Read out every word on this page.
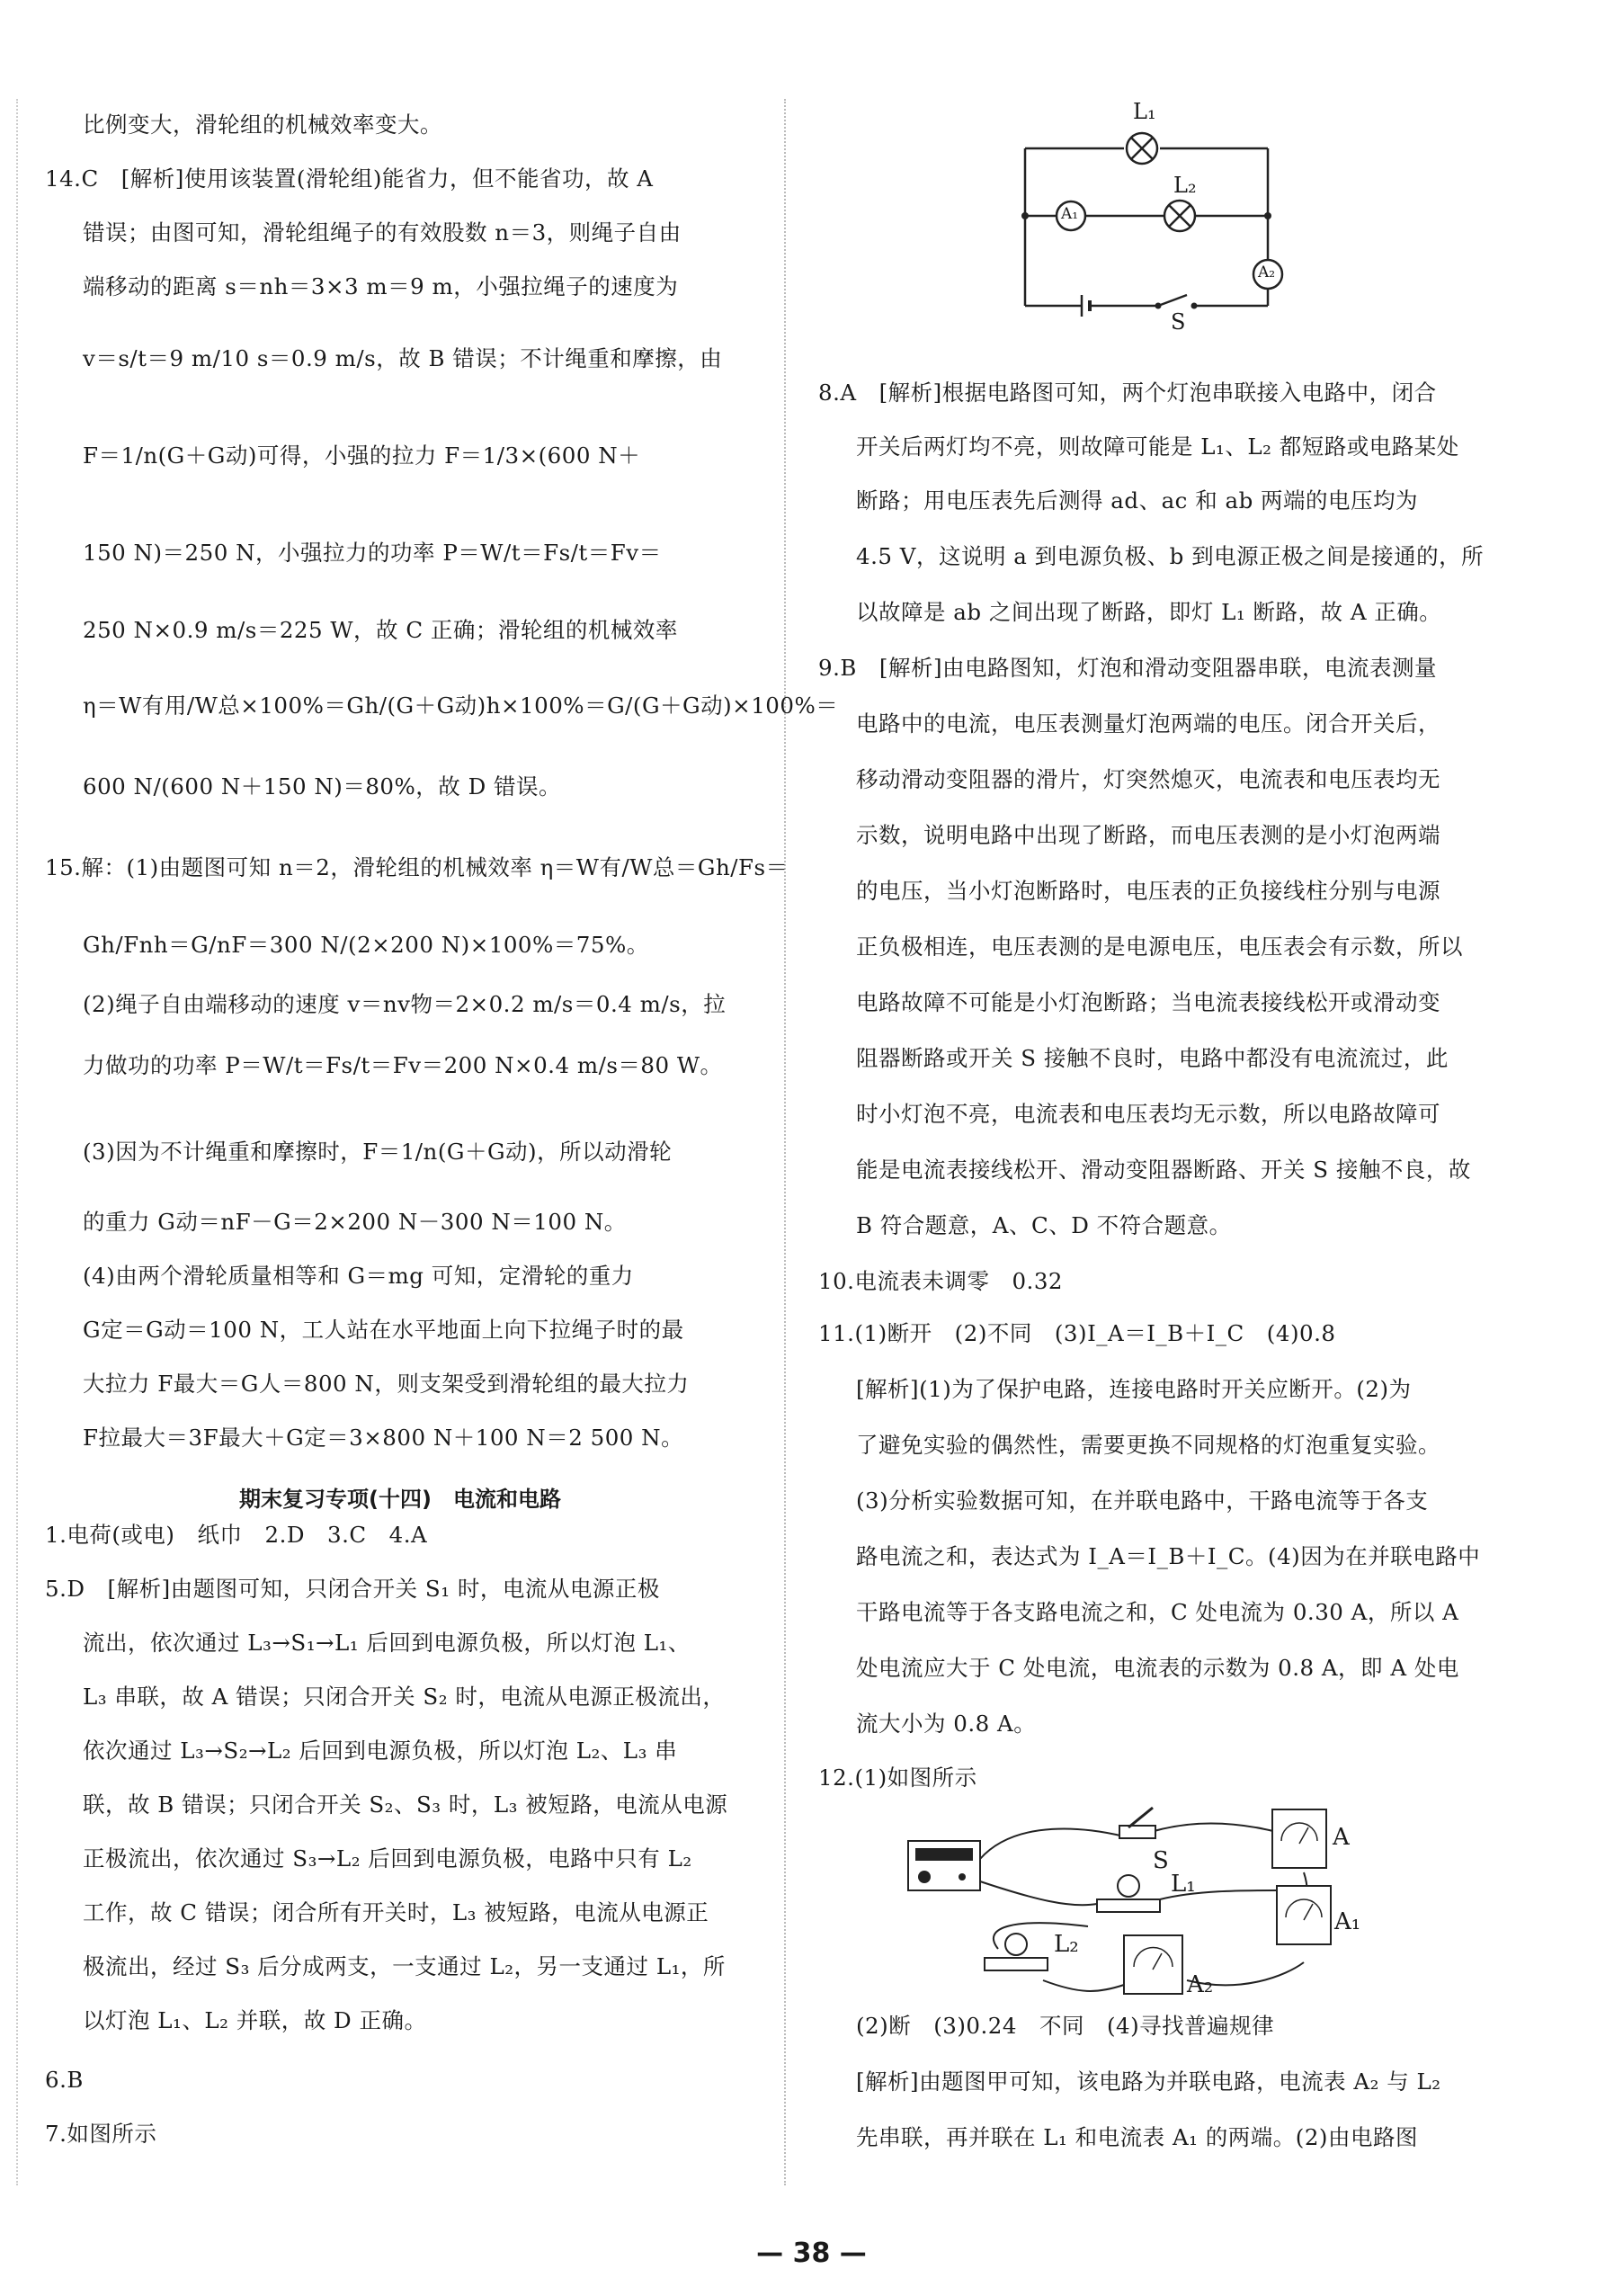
比例变大，滑轮组的机械效率变大。
14.C　[解析]使用该装置(滑轮组)能省力，但不能省功，故 A
错误；由图可知，滑轮组绳子的有效股数 n＝3，则绳子自由
端移动的距离 s＝nh＝3×3 m＝9 m，小强拉绳子的速度为
v＝s/t＝9 m/10 s＝0.9 m/s，故 B 错误；不计绳重和摩擦，由
F＝1/n(G＋G动)可得，小强的拉力 F＝1/3×(600 N＋
150 N)＝250 N，小强拉力的功率 P＝W/t＝Fs/t＝Fv＝
250 N×0.9 m/s＝225 W，故 C 正确；滑轮组的机械效率
η＝W有用/W总×100%＝Gh/(G＋G动)h×100%＝G/(G＋G动)×100%＝
600 N/(600 N＋150 N)＝80%，故 D 错误。
15.解：(1)由题图可知 n＝2，滑轮组的机械效率 η＝W有/W总＝Gh/Fs＝
Gh/Fnh＝G/nF＝300 N/(2×200 N)×100%＝75%。
(2)绳子自由端移动的速度 v＝nv物＝2×0.2 m/s＝0.4 m/s，拉
力做功的功率 P＝W/t＝Fs/t＝Fv＝200 N×0.4 m/s＝80 W。
(3)因为不计绳重和摩擦时，F＝1/n(G＋G动)，所以动滑轮
的重力 G动＝nF－G＝2×200 N－300 N＝100 N。
(4)由两个滑轮质量相等和 G＝mg 可知，定滑轮的重力
G定＝G动＝100 N，工人站在水平地面上向下拉绳子时的最
大拉力 F最大＝G人＝800 N，则支架受到滑轮组的最大拉力
F拉最大＝3F最大＋G定＝3×800 N＋100 N＝2 500 N。
期末复习专项(十四)　电流和电路
1.电荷(或电)　纸巾　2.D　3.C　4.A
5.D　[解析]由题图可知，只闭合开关 S₁ 时，电流从电源正极
流出，依次通过 L₃→S₁→L₁ 后回到电源负极，所以灯泡 L₁、
L₃ 串联，故 A 错误；只闭合开关 S₂ 时，电流从电源正极流出，
依次通过 L₃→S₂→L₂ 后回到电源负极，所以灯泡 L₂、L₃ 串
联，故 B 错误；只闭合开关 S₂、S₃ 时，L₃ 被短路，电流从电源
正极流出，依次通过 S₃→L₂ 后回到电源负极，电路中只有 L₂
工作，故 C 错误；闭合所有开关时，L₃ 被短路，电流从电源正
极流出，经过 S₃ 后分成两支，一支通过 L₂，另一支通过 L₁，所
以灯泡 L₁、L₂ 并联，故 D 正确。
6.B
7.如图所示
L₁
L₂
A₁
A₂
S
8.A　[解析]根据电路图可知，两个灯泡串联接入电路中，闭合
开关后两灯均不亮，则故障可能是 L₁、L₂ 都短路或电路某处
断路；用电压表先后测得 ad、ac 和 ab 两端的电压均为
4.5 V，这说明 a 到电源负极、b 到电源正极之间是接通的，所
以故障是 ab 之间出现了断路，即灯 L₁ 断路，故 A 正确。
9.B　[解析]由电路图知，灯泡和滑动变阻器串联，电流表测量
电路中的电流，电压表测量灯泡两端的电压。闭合开关后，
移动滑动变阻器的滑片，灯突然熄灭，电流表和电压表均无
示数，说明电路中出现了断路，而电压表测的是小灯泡两端
的电压，当小灯泡断路时，电压表的正负接线柱分别与电源
正负极相连，电压表测的是电源电压，电压表会有示数，所以
电路故障不可能是小灯泡断路；当电流表接线松开或滑动变
阻器断路或开关 S 接触不良时，电路中都没有电流流过，此
时小灯泡不亮，电流表和电压表均无示数，所以电路故障可
能是电流表接线松开、滑动变阻器断路、开关 S 接触不良，故
B 符合题意，A、C、D 不符合题意。
10.电流表未调零　0.32
11.(1)断开　(2)不同　(3)I_A＝I_B＋I_C　(4)0.8
[解析](1)为了保护电路，连接电路时开关应断开。(2)为
了避免实验的偶然性，需要更换不同规格的灯泡重复实验。
(3)分析实验数据可知，在并联电路中，干路电流等于各支
路电流之和，表达式为 I_A＝I_B＋I_C。(4)因为在并联电路中
干路电流等于各支路电流之和，C 处电流为 0.30 A，所以 A
处电流应大于 C 处电流，电流表的示数为 0.8 A，即 A 处电
流大小为 0.8 A。
12.(1)如图所示
S
A
L₁
A₁
L₂
A₂
(2)断　(3)0.24　不同　(4)寻找普遍规律
[解析]由题图甲可知，该电路为并联电路，电流表 A₂ 与 L₂
先串联，再并联在 L₁ 和电流表 A₁ 的两端。(2)由电路图
— 38 —
